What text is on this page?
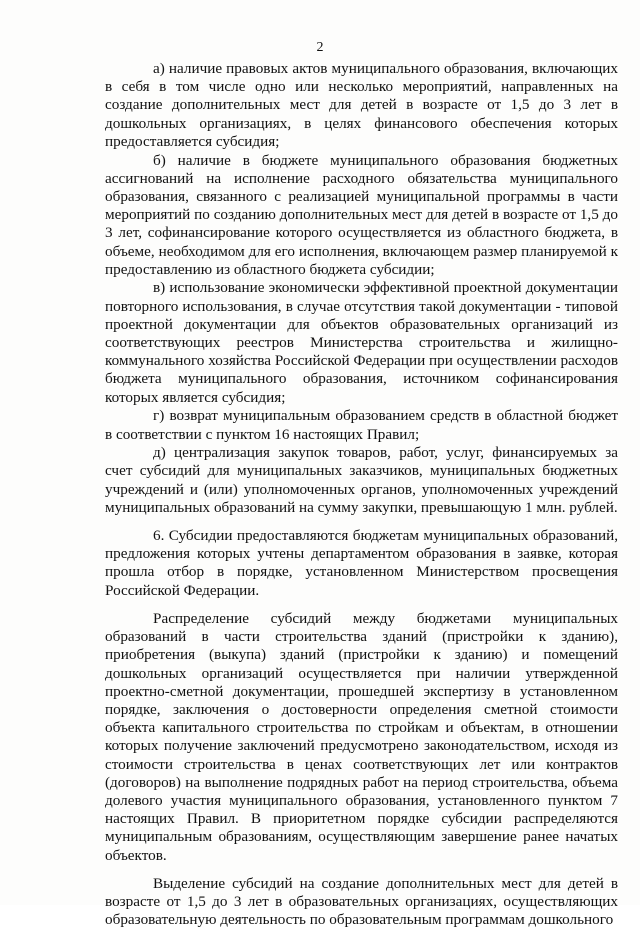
2

а) наличие правовых актов муниципального образования, включающих в себя в том числе одно или несколько мероприятий, направленных на создание дополнительных мест для детей в возрасте от 1,5 до 3 лет в дошкольных организациях, в целях финансового обеспечения которых предоставляется субсидия;

б) наличие в бюджете муниципального образования бюджетных ассигнований на исполнение расходного обязательства муниципального образования, связанного с реализацией муниципальной программы в части мероприятий по созданию дополнительных мест для детей в возрасте от 1,5 до 3 лет, софинансирование которого осуществляется из областного бюджета, в объеме, необходимом для его исполнения, включающем размер планируемой к предоставлению из областного бюджета субсидии;

в) использование экономически эффективной проектной документации повторного использования, в случае отсутствия такой документации - типовой проектной документации для объектов образовательных организаций из соответствующих реестров Министерства строительства и жилищно-коммунального хозяйства Российской Федерации при осуществлении расходов бюджета муниципального образования, источником софинансирования которых является субсидия;

г) возврат муниципальным образованием средств в областной бюджет в соответствии с пунктом 16 настоящих Правил;

д) централизация закупок товаров, работ, услуг, финансируемых за счет субсидий для муниципальных заказчиков, муниципальных бюджетных учреждений и (или) уполномоченных органов, уполномоченных учреждений муниципальных образований на сумму закупки, превышающую 1 млн. рублей.

6. Субсидии предоставляются бюджетам муниципальных образований, предложения которых учтены департаментом образования в заявке, которая прошла отбор в порядке, установленном Министерством просвещения Российской Федерации.

Распределение субсидий между бюджетами муниципальных образований в части строительства зданий (пристройки к зданию), приобретения (выкупа) зданий (пристройки к зданию) и помещений дошкольных организаций осуществляется при наличии утвержденной проектно-сметной документации, прошедшей экспертизу в установленном порядке, заключения о достоверности определения сметной стоимости объекта капитального строительства по стройкам и объектам, в отношении которых получение заключений предусмотрено законодательством, исходя из стоимости строительства в ценах соответствующих лет или контрактов (договоров) на выполнение подрядных работ на период строительства, объема долевого участия муниципального образования, установленного пунктом 7 настоящих Правил. В приоритетном порядке субсидии распределяются муниципальным образованиям, осуществляющим завершение ранее начатых объектов.

Выделение субсидий на создание дополнительных мест для детей в возрасте от 1,5 до 3 лет в образовательных организациях, осуществляющих образовательную деятельность по образовательным программам дошкольного
